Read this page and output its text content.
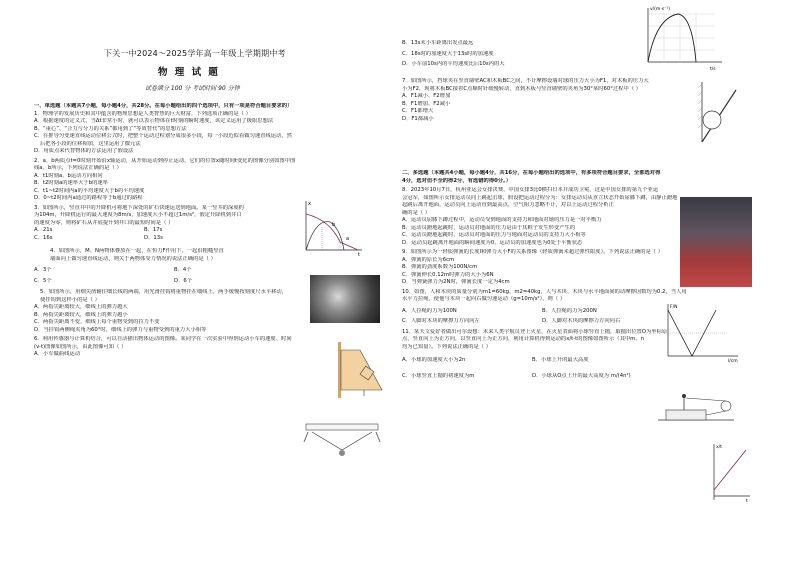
下关一中2024～2025学年高一年级上学期期中考
物 理 试 题
试卷满分 100 分 考试时间 90 分钟
一、单选题（本题共7小题，每小题4分，共28分。在每小题给出的四个选项中，只有一项是符合题目要求的）
1．物理学的发展历史和其中蕴含的物理思想是人类智慧的巨大财富，下列选项正确的是（ ）
A．根据速度的定义式，当Δt非常小时，就可以表示物体在t时刻的瞬时速度，该定义运用了极限思想法
B．“重心”、“合力与分力的关系”都用到了“等效替代”的思想方法
C．在推导匀变速直线运动位移公式时，把整个运动过程划分成很多小段，每一小段近似看做匀速直线运动，然
后把各小段的位移相加，这里运用了微元法
D．用质点来代替物体的方法运用了假设法
2．a、b两质点t=0时刻开始沿x轴运动，从开始运动到停止运动，它们的位置x随时间t变化的图像分别如图中图
线a、b所示，下列说法正确的是（ ）
A．t1时刻a、b运动方向相同
B．t2时刻a的速率大于b的速率
C．t1~t2时间内a的平均速度大于b的平均速度
D．0~t2时间内a通过的路程等于b通过的路程
3．如图所示，竖直井中的升降机可将地下深处的矿石快速运送到地面。某一竖井的深度约
为104m，升降机运行的最大速度为8m/s，加速度大小不超过1m/s²，假定升降机到井口
的速度为零，则将矿石从井底提升到井口的最短时间是（ ）
A．21s	B．17s
C．16s	D．13s
4．如图所示，M、N两物体叠放在一起，在恒力F作用下，一起沿粗糙竖直
墙面向上做匀速直线运动，则关于两物体受力情况的说法正确的是（ ）
A．3个	B．4个
C．5个	D．6个
5．如图所示，用细尖凿辅住细长线的两端，用光滑挂钩将重物挂在细线上，两手缓慢按刻度尺水平移动，
使挂钩到这样小的是（ ）
A．两指尖距离较大，细线上的弹力越大
B．两指尖距离较大，细线上的弹力越小
C．两指尖距离不变，细线上每个重物受到的拉力不变
D．当挂钩两侧绳夹角为60°时，细线上的弹力与重物受到的重力大小相等
6．利用传感器与计算机结合，可以自动描出物体运动的图像。某同学在一次实验中得到运动小车的速度、时间
(v-t)图像如图所示，由此图像可知（ ）
A．小车做曲线运动
x
t
b
a
B．13s末小车距离出发点最远
C．18s时的加速度大于13s时的加速度
D．小车前10s内的平均速度比后10s内的大
7．如图所示，挡球夹在竖直墙壁AC和木板BC之间，不计摩擦设墙对球的压力大小为F1，对木板的压力大
小为F2，现将木板BC接着C点顺时针缓慢转动，直到木板与竖直墙壁的夹角为30°某时60°过程中（ ）
A．F1减小、F2增加
B．F1增加、F2减小
C．F1都增大
D．F1都减小
二、多选题（本题共4小题，每小题4分，共16分，在每小题给出的选项中，有多项符合题目要求，全部选对得
4分，选对但不全的得2分，有选错的得0分。）
8．2023年10月7日，杭州亚运会女排决赛，中国女排3比0横扫日本并成功卫冕，这是中国女排的第九个亚运
会冠军，如图所示女排运动员向上跳起击球，假设把运动过程分为：女排运动员从直立状态开始屈膝下蹲，由静止蹬地
起跳后离开地面，运动员向上运动直到最高点，空气阻力忽略不计，对以上运动过程分析正
确的是（ ）
A．运动员屈膝下蹲过程中，运动员受到地面的支持力和地面对她的压力是一对平衡力
B．运动员蹬地起跳时，运动员对地面的压力是由于其鞋子发生形变产生的
C．运动员蹬地起跳时，运动员对地面的压力与地面对运动员的支持力大小相等
D．运动员起跳离开地面的瞬间速度为0，运动员的加速度也为0处于平衡状态
9．如图所示为一轻质弹簧的长度l和弹力大小F的关系图像（轻质弹簧未超过弹性限度）。下列说法正确的是（ ）
A．弹簧的原长为6cm
B．弹簧的劲度系数为100N/cm
C．弹簧伸长0.12m时弹力的大小为6N
D．当弹簧弹力为2N时，弹簧长度一定为4cm
10．如图，人和木块的质量分别为m1=60kg、m2=40kg，人与木块、木块与水平地面间的动摩擦因数均为0.2，当人用
水平力拉绳，使他与木块一起向右做匀速运动（g=10m/s²），则（ ）
A．人拉绳的力为100N	B．人拉绳的力为200N
C．人脚对木块的摩擦力方向向左	D．人脚对木块的摩擦力方向向右
11．某天文爱好者做出可尔设想：未来人类宇航员登上火星，在火星表面将小球竖直上抛，取抛出位置O为坐标原
点，竖直向上为正方向，以竖直向上为正方向，利用计算机得到运动的x/t-t的图像如图所示（其中m、n
均为已知量）。下列说法正确的是（ ）
A．小球的加速度大小为2n	B．小球上升的最大高度
C．小球竖直上抛的初速度为m	D．小球从O点上升的最大高度为 m/(4n²)
v/(m·s⁻¹)
t/s
F/N
l/cm
x/t
t
